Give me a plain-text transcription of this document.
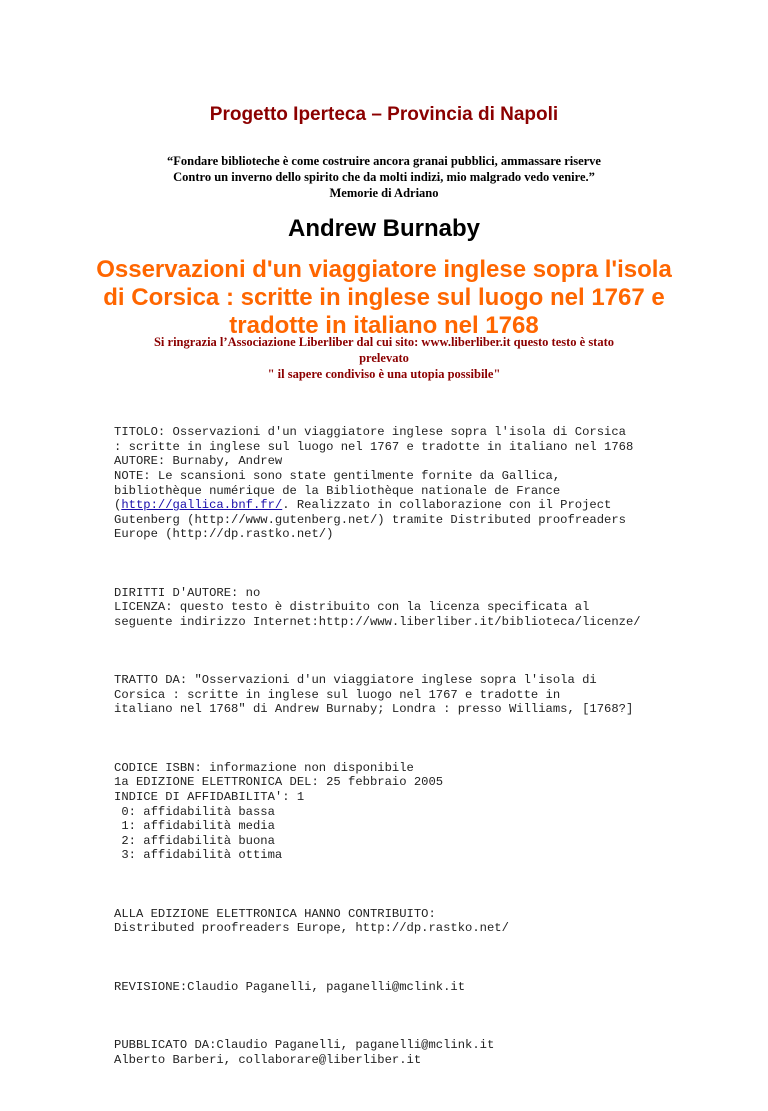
Progetto Iperteca – Provincia di Napoli
“Fondare biblioteche è come costruire ancora granai pubblici, ammassare riserve
Contro un inverno dello spirito che da molti indizi, mio malgrado vedo venire.”
Memorie di Adriano
Andrew Burnaby
Osservazioni d'un viaggiatore inglese sopra l'isola
di Corsica : scritte in inglese sul luogo nel 1767 e
tradotte in italiano nel 1768
Si ringrazia l’Associazione Liberliber dal cui sito: www.liberliber.it questo testo è stato
prelevato
" il sapere condiviso è una utopia possibile"

TITOLO: Osservazioni d'un viaggiatore inglese sopra l'isola di Corsica
: scritte in inglese sul luogo nel 1767 e tradotte in italiano nel 1768
AUTORE: Burnaby, Andrew
NOTE: Le scansioni sono state gentilmente fornite da Gallica,
bibliothèque numérique de la Bibliothèque nationale de France
(http://gallica.bnf.fr/. Realizzato in collaborazione con il Project
Gutenberg (http://www.gutenberg.net/) tramite Distributed proofreaders
Europe (http://dp.rastko.net/)

DIRITTI D'AUTORE: no
LICENZA: questo testo è distribuito con la licenza specificata al
seguente indirizzo Internet:http://www.liberliber.it/biblioteca/licenze/

TRATTO DA: "Osservazioni d'un viaggiatore inglese sopra l'isola di
Corsica : scritte in inglese sul luogo nel 1767 e tradotte in
italiano nel 1768" di Andrew Burnaby; Londra : presso Williams, [1768?]

CODICE ISBN: informazione non disponibile
1a EDIZIONE ELETTRONICA DEL: 25 febbraio 2005
INDICE DI AFFIDABILITA': 1
0: affidabilità bassa
1: affidabilità media
2: affidabilità buona
3: affidabilità ottima

ALLA EDIZIONE ELETTRONICA HANNO CONTRIBUITO:
Distributed proofreaders Europe, http://dp.rastko.net/

REVISIONE:Claudio Paganelli, paganelli@mclink.it

PUBBLICATO DA:Claudio Paganelli, paganelli@mclink.it
Alberto Barberi, collaborare@liberliber.it
